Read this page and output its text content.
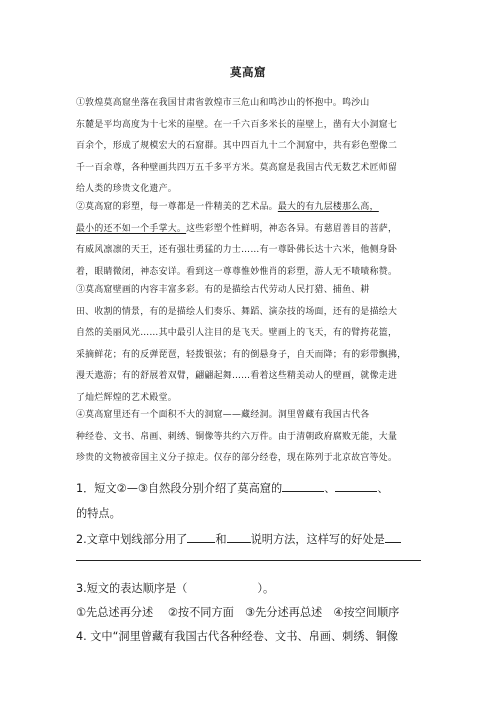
莫高窟

①敦煌莫高窟坐落在我国甘肃省敦煌市三危山和鸣沙山的怀抱中。鸣沙山

东麓是平均高度为十七米的崖壁。在一千六百多米长的崖壁上，凿有大小洞窟七

百余个，形成了规模宏大的石窟群。其中四百九十二个洞窟中，共有彩色塑像二

千一百余尊，各种壁画共四万五千多平方米。莫高窟是我国古代无数艺术匠师留

给人类的珍贵文化遗产。

②莫高窟的彩塑，每一尊都是一件精美的艺术品。最大的有九层楼那么高，

最小的还不如一个手掌大。这些彩塑个性鲜明，神态各异。有慈眉善目的菩萨，

有威风凛凛的天王，还有强壮勇猛的力士……有一尊卧佛长达十六米，他侧身卧

着，眼睛微闭，神态安详。看到这一尊尊惟妙惟肖的彩塑，游人无不啧啧称赞。

③莫高窟壁画的内容丰富多彩。有的是描绘古代劳动人民打猎、捕鱼、耕

田、收割的情景，有的是描绘人们奏乐、舞蹈、演杂技的场面，还有的是描绘大

自然的美丽风光……其中最引人注目的是飞天。壁画上的飞天，有的臂挎花篮，

采摘鲜花；有的反弹琵琶，轻拨银弦；有的倒悬身子，自天而降；有的彩带飘拂，

漫天遨游；有的舒展着双臂，翩翩起舞……看着这些精美动人的壁画，就像走进

了灿烂辉煌的艺术殿堂。

④莫高窟里还有一个面积不大的洞窟——藏经洞。洞里曾藏有我国古代各

种经卷、文书、帛画、刺绣、铜像等共约六万件。由于清朝政府腐败无能，大量

珍贵的文物被帝国主义分子掠走。仅存的部分经卷，现在陈列于北京故宫等处。

1．短文②—③自然段分别介绍了莫高窟的	、	、
的特点。
2.文章中划线部分用了	和 说明方法，这样写的好处是
3.短文的表达顺序是（	）。
①先总述再分述　 ②按不同方面　③先分述再总述　④按空间顺序
4. 文中“洞里曾藏有我国古代各种经卷、文书、帛画、刺绣、铜像
